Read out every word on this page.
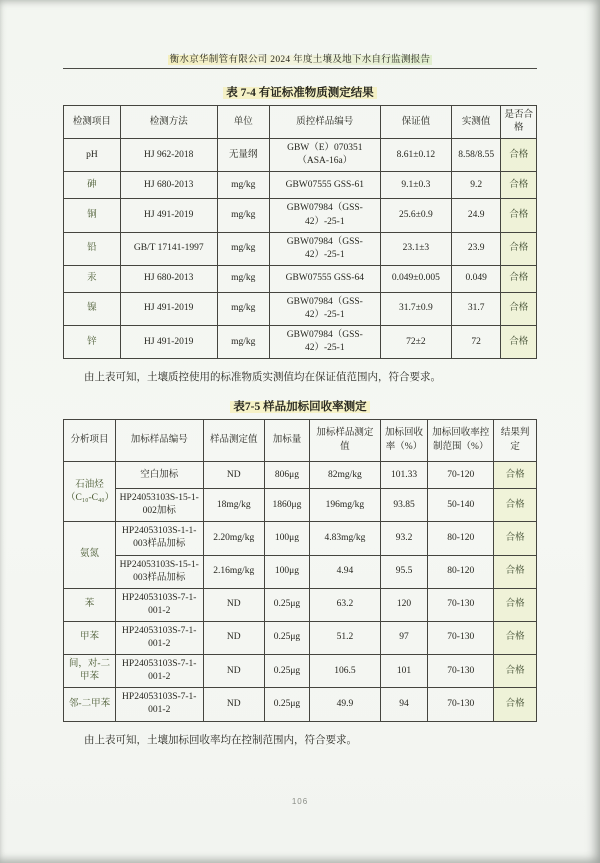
衡水京华制管有限公司 2024 年度土壤及地下水自行监测报告
表 7-4 有证标准物质测定结果
检测项目	检测方法	单位	质控样品编号	保证值	实测值	是否合格
pH	HJ 962-2018	无量纲	GBW（E）070351（ASA-16a）	8.61±0.12	8.58/8.55	合格
砷	HJ 680-2013	mg/kg	GBW07555 GSS-61	9.1±0.3	9.2	合格
铜	HJ 491-2019	mg/kg	GBW07984（GSS-42）-25-1	25.6±0.9	24.9	合格
铅	GB/T 17141-1997	mg/kg	GBW07984（GSS-42）-25-1	23.1±3	23.9	合格
汞	HJ 680-2013	mg/kg	GBW07555 GSS-64	0.049±0.005	0.049	合格
镍	HJ 491-2019	mg/kg	GBW07984（GSS-42）-25-1	31.7±0.9	31.7	合格
锌	HJ 491-2019	mg/kg	GBW07984（GSS-42）-25-1	72±2	72	合格

由上表可知，土壤质控使用的标准物质实测值均在保证值范围内，符合要求。

表7-5 样品加标回收率测定
分析项目	加标样品编号	样品测定值	加标量	加标样品测定值	加标回收率（%）	加标回收率控制范围（%）	结果判定
石油烃（C₁₀-C₄₀）	空白加标	ND	806μg	82mg/kg	101.33	70-120	合格
	HP24053103S-15-1-002加标	18mg/kg	1860μg	196mg/kg	93.85	50-140	合格
氨氮	HP24053103S-1-1-003样品加标	2.20mg/kg	100μg	4.83mg/kg	93.2	80-120	合格
	HP24053103S-15-1-003样品加标	2.16mg/kg	100μg	4.94	95.5	80-120	合格
苯	HP24053103S-7-1-001-2	ND	0.25μg	63.2	120	70-130	合格
甲苯	HP24053103S-7-1-001-2	ND	0.25μg	51.2	97	70-130	合格
间，对-二甲苯	HP24053103S-7-1-001-2	ND	0.25μg	106.5	101	70-130	合格
邻-二甲苯	HP24053103S-7-1-001-2	ND	0.25μg	49.9	94	70-130	合格

由上表可知，土壤加标回收率均在控制范围内，符合要求。

106
